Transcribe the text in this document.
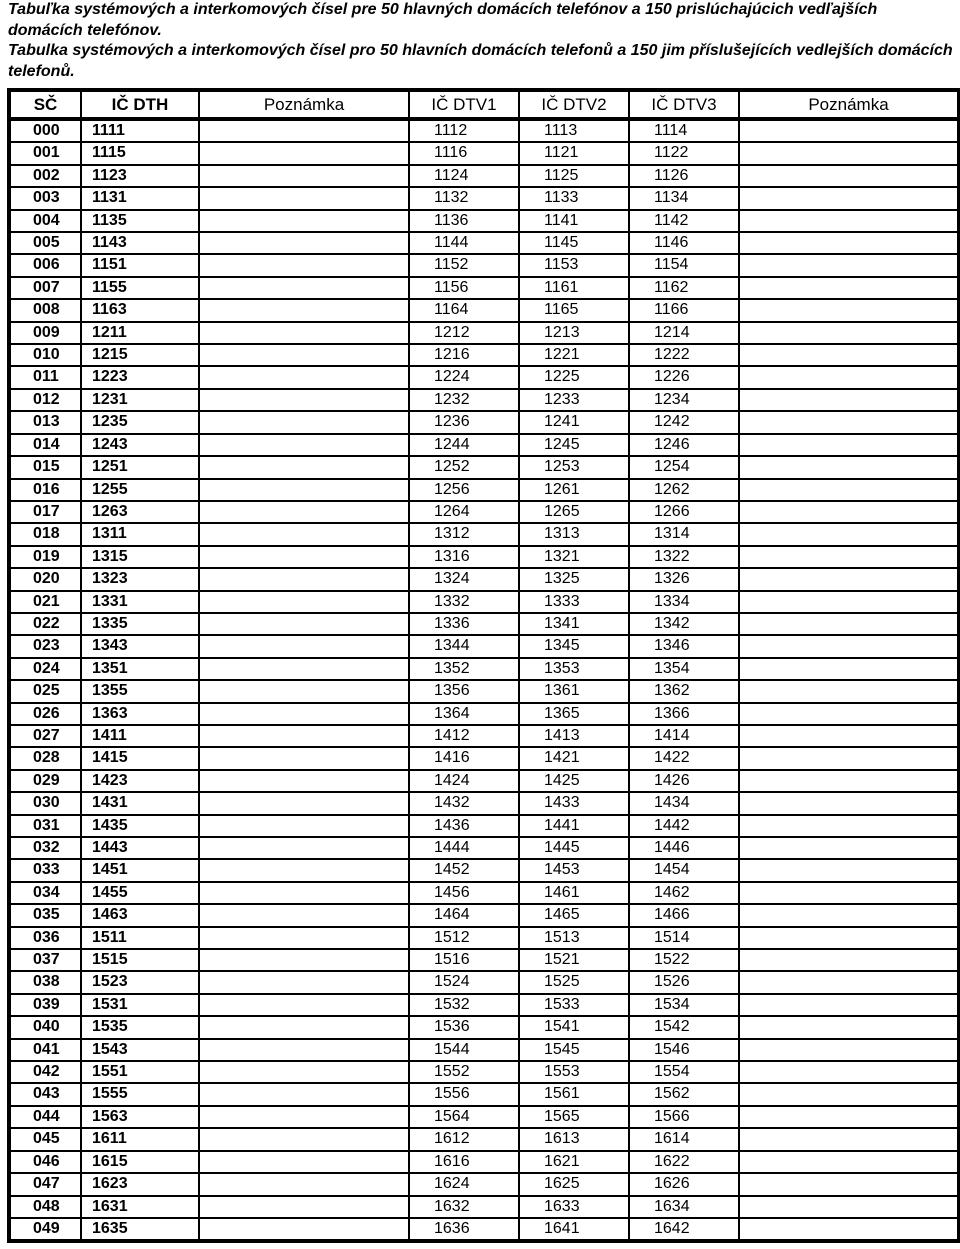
Tabuľka systémových a interkomových čísel pre 50 hlavných domácích telefónov a 150 prislúchajúcich vedľajších domácích telefónov.

Tabulka systémových a interkomových čísel pro 50 hlavních domácích telefonů a 150 jim příslušejících vedlejších domácích telefonů.

SČ	IČ DTH	Poznámka	IČ DTV1	IČ DTV2	IČ DTV3	Poznámka
000	1111		1112	1113	1114	
001	1115		1116	1121	1122	
002	1123		1124	1125	1126	
003	1131		1132	1133	1134	
004	1135		1136	1141	1142	
005	1143		1144	1145	1146	
006	1151		1152	1153	1154	
007	1155		1156	1161	1162	
008	1163		1164	1165	1166	
009	1211		1212	1213	1214	
010	1215		1216	1221	1222	
011	1223		1224	1225	1226	
012	1231		1232	1233	1234	
013	1235		1236	1241	1242	
014	1243		1244	1245	1246	
015	1251		1252	1253	1254	
016	1255		1256	1261	1262	
017	1263		1264	1265	1266	
018	1311		1312	1313	1314	
019	1315		1316	1321	1322	
020	1323		1324	1325	1326	
021	1331		1332	1333	1334	
022	1335		1336	1341	1342	
023	1343		1344	1345	1346	
024	1351		1352	1353	1354	
025	1355		1356	1361	1362	
026	1363		1364	1365	1366	
027	1411		1412	1413	1414	
028	1415		1416	1421	1422	
029	1423		1424	1425	1426	
030	1431		1432	1433	1434	
031	1435		1436	1441	1442	
032	1443		1444	1445	1446	
033	1451		1452	1453	1454	
034	1455		1456	1461	1462	
035	1463		1464	1465	1466	
036	1511		1512	1513	1514	
037	1515		1516	1521	1522	
038	1523		1524	1525	1526	
039	1531		1532	1533	1534	
040	1535		1536	1541	1542	
041	1543		1544	1545	1546	
042	1551		1552	1553	1554	
043	1555		1556	1561	1562	
044	1563		1564	1565	1566	
045	1611		1612	1613	1614	
046	1615		1616	1621	1622	
047	1623		1624	1625	1626	
048	1631		1632	1633	1634	
049	1635		1636	1641	1642	
